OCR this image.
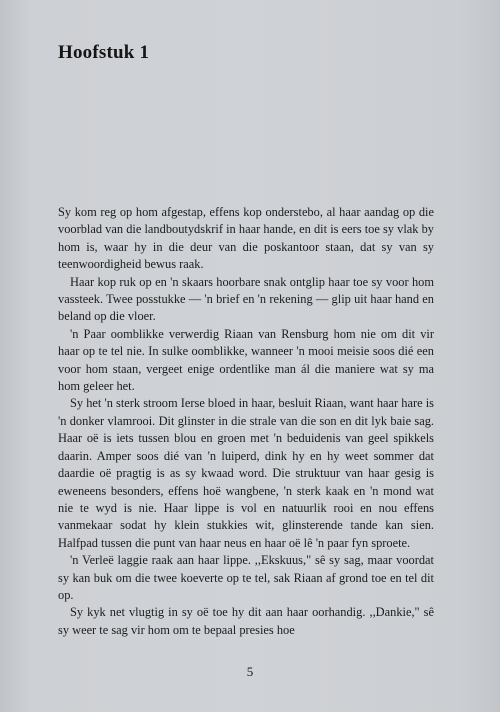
Hoofstuk 1

Sy kom reg op hom afgestap, effens kop onderstebo, al haar aandag op die voorblad van die landboutydskrif in haar hande, en dit is eers toe sy vlak by hom is, waar hy in die deur van die poskantoor staan, dat sy van sy teenwoordigheid bewus raak.

Haar kop ruk op en 'n skaars hoorbare snak ontglip haar toe sy voor hom vassteek. Twee posstukke — 'n brief en 'n rekening — glip uit haar hand en beland op die vloer.

'n Paar oomblikke verwerdig Riaan van Rensburg hom nie om dit vir haar op te tel nie. In sulke oomblikke, wanneer 'n mooi meisie soos dié een voor hom staan, vergeet enige ordentlike man ál die maniere wat sy ma hom geleer het.

Sy het 'n sterk stroom Ierse bloed in haar, besluit Riaan, want haar hare is 'n donker vlamrooi. Dit glinster in die strale van die son en dit lyk baie sag. Haar oë is iets tussen blou en groen met 'n beduidenis van geel spikkels daarin. Amper soos dié van 'n luiperd, dink hy en hy weet sommer dat daardie oë pragtig is as sy kwaad word. Die struktuur van haar gesig is eweneens besonders, effens hoë wangbene, 'n sterk kaak en 'n mond wat nie te wyd is nie. Haar lippe is vol en natuurlik rooi en nou effens vanmekaar sodat hy klein stukkies wit, glinsterende tande kan sien. Halfpad tussen die punt van haar neus en haar oë lê 'n paar fyn sproete.

'n Verleë laggie raak aan haar lippe. ,,Ekskuus," sê sy sag, maar voordat sy kan buk om die twee koeverte op te tel, sak Riaan af grond toe en tel dit op.

Sy kyk net vlugtig in sy oë toe hy dit aan haar oorhandig. ,,Dankie," sê sy weer te sag vir hom om te bepaal presies hoe

5
